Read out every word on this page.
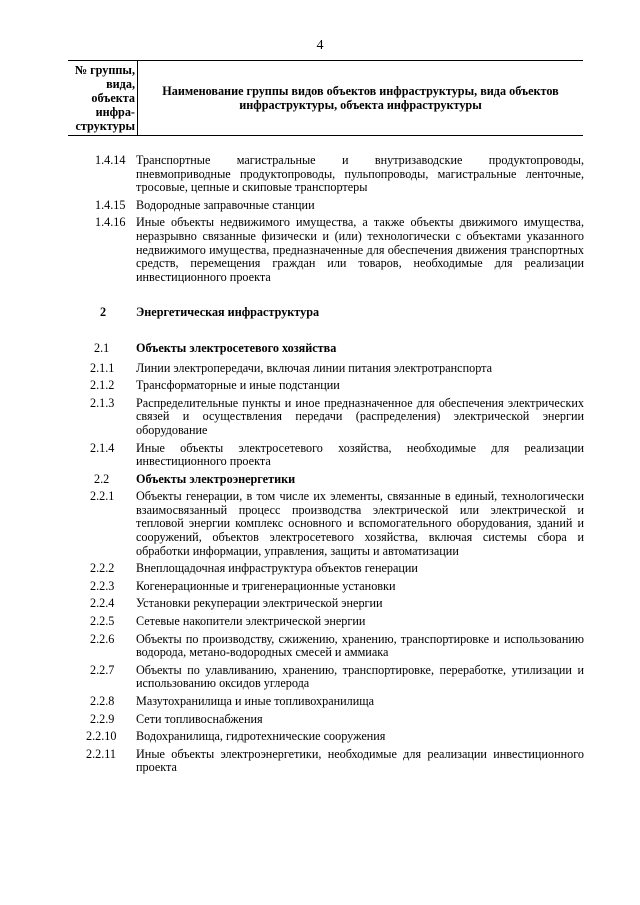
4
№ группы, вида, объекта инфра-структуры	Наименование группы видов объектов инфраструктуры, вида объектов инфраструктуры, объекта инфраструктуры
1.4.14 Транспортные магистральные и внутризаводские продуктопроводы, пневмоприводные продуктопроводы, пульпопроводы, магистральные ленточные, тросовые, цепные и скиповые транспортеры
1.4.15 Водородные заправочные станции
1.4.16 Иные объекты недвижимого имущества, а также объекты движимого имущества, неразрывно связанные физически и (или) технологически с объектами указанного недвижимого имущества, предназначенные для обеспечения движения транспортных средств, перемещения граждан или товаров, необходимые для реализации инвестиционного проекта
2	Энергетическая инфраструктура
2.1	Объекты электросетевого хозяйства
2.1.1	Линии электропередачи, включая линии питания электротранспорта
2.1.2	Трансформаторные и иные подстанции
2.1.3	Распределительные пункты и иное предназначенное для обеспечения электрических связей и осуществления передачи (распределения) электрической энергии оборудование
2.1.4	Иные объекты электросетевого хозяйства, необходимые для реализации инвестиционного проекта
2.2	Объекты электроэнергетики
2.2.1	Объекты генерации, в том числе их элементы, связанные в единый, технологически взаимосвязанный процесс производства электрической или электрической и тепловой энергии комплекс основного и вспомогательного оборудования, зданий и сооружений, объектов электросетевого хозяйства, включая системы сбора и обработки информации, управления, защиты и автоматизации
2.2.2	Внеплощадочная инфраструктура объектов генерации
2.2.3	Когенерационные и тригенерационные установки
2.2.4	Установки рекуперации электрической энергии
2.2.5	Сетевые накопители электрической энергии
2.2.6	Объекты по производству, сжижению, хранению, транспортировке и использованию водорода, метано-водородных смесей и аммиака
2.2.7	Объекты по улавливанию, хранению, транспортировке, переработке, утилизации и использованию оксидов углерода
2.2.8	Мазутохранилища и иные топливохранилища
2.2.9	Сети топливоснабжения
2.2.10	Водохранилища, гидротехнические сооружения
2.2.11	Иные объекты электроэнергетики, необходимые для реализации инвестиционного проекта
